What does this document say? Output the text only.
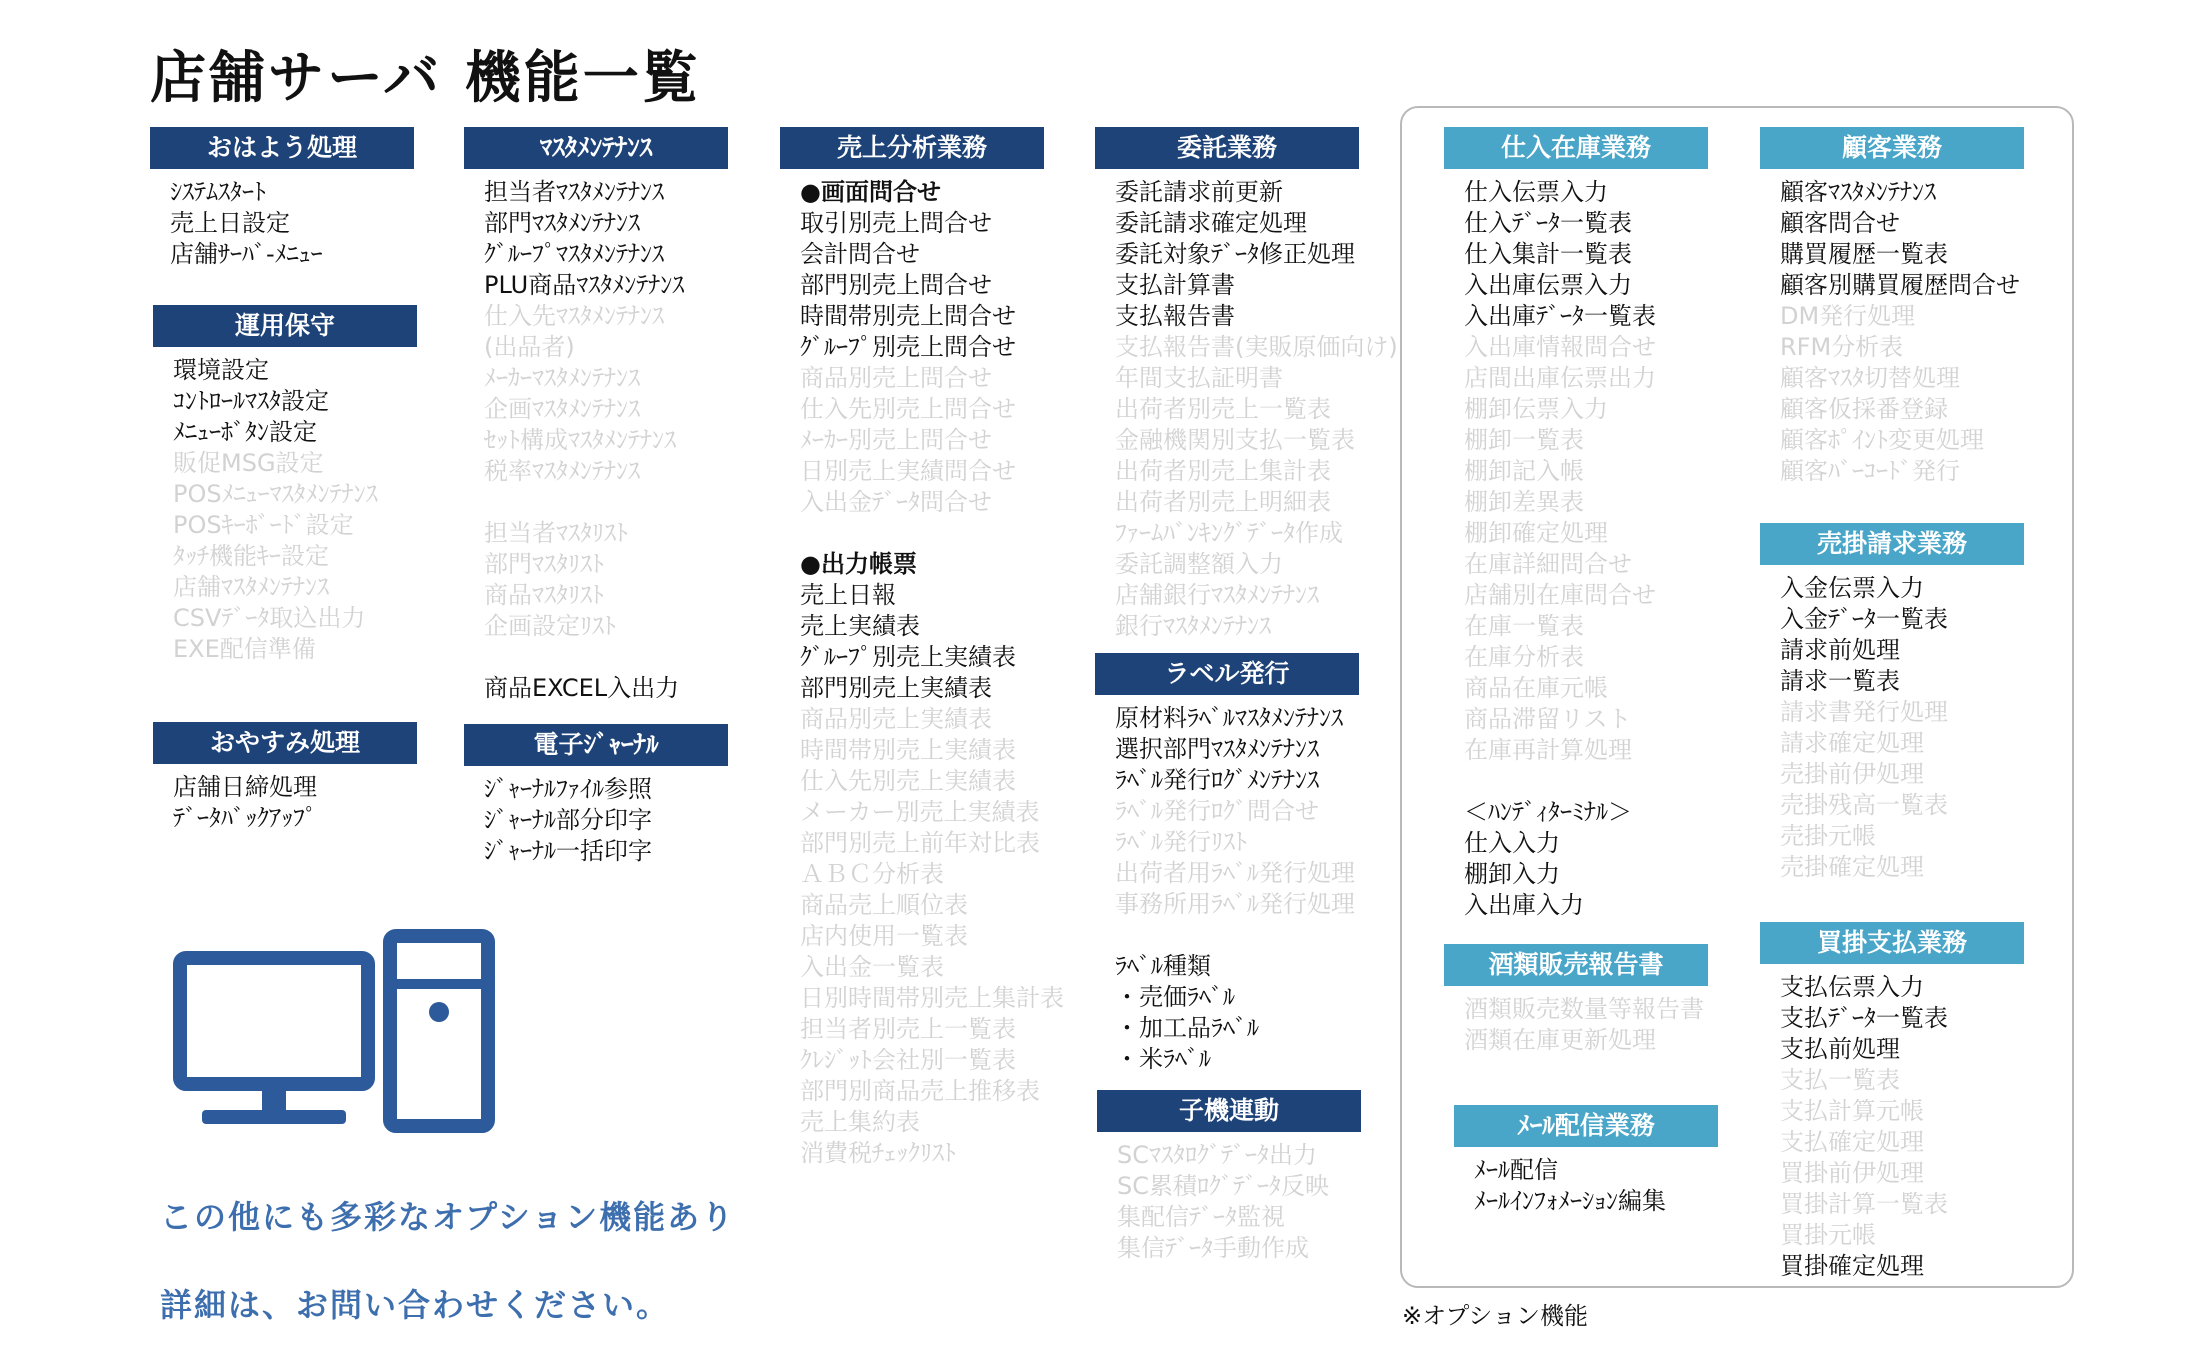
店舗サーバ 機能一覧
おはよう処理
ｼｽﾃﾑｽﾀｰﾄ
売上日設定
店舗ｻｰﾊﾞ-ﾒﾆｭｰ
運用保守
環境設定
ｺﾝﾄﾛｰﾙﾏｽﾀ設定
ﾒﾆｭｰﾎﾞﾀﾝ設定
販促MSG設定
POSﾒﾆｭｰﾏｽﾀﾒﾝﾃﾅﾝｽ
POSｷｰﾎﾞｰﾄﾞ設定
ﾀｯﾁ機能ｷｰ設定
店舗ﾏｽﾀﾒﾝﾃﾅﾝｽ
CSVﾃﾞｰﾀ取込出力
EXE配信準備
おやすみ処理
店舗日締処理
ﾃﾞｰﾀﾊﾞｯｸｱｯﾌﾟ
ﾏｽﾀﾒﾝﾃﾅﾝｽ
担当者ﾏｽﾀﾒﾝﾃﾅﾝｽ
部門ﾏｽﾀﾒﾝﾃﾅﾝｽ
ｸﾞﾙｰﾌﾟﾏｽﾀﾒﾝﾃﾅﾝｽ
PLU商品ﾏｽﾀﾒﾝﾃﾅﾝｽ
仕入先ﾏｽﾀﾒﾝﾃﾅﾝｽ
(出品者)
ﾒｰｶｰﾏｽﾀﾒﾝﾃﾅﾝｽ
企画ﾏｽﾀﾒﾝﾃﾅﾝｽ
ｾｯﾄ構成ﾏｽﾀﾒﾝﾃﾅﾝｽ
税率ﾏｽﾀﾒﾝﾃﾅﾝｽ
担当者ﾏｽﾀﾘｽﾄ
部門ﾏｽﾀﾘｽﾄ
商品ﾏｽﾀﾘｽﾄ
企画設定ﾘｽﾄ
商品EXCEL入出力
電子ｼﾞｬｰﾅﾙ
ｼﾞｬｰﾅﾙﾌｧｲﾙ参照
ｼﾞｬｰﾅﾙ部分印字
ｼﾞｬｰﾅﾙ一括印字
売上分析業務
●画面問合せ
取引別売上問合せ
会計問合せ
部門別売上問合せ
時間帯別売上問合せ
ｸﾞﾙｰﾌﾟ別売上問合せ
商品別売上問合せ
仕入先別売上問合せ
ﾒｰｶｰ別売上問合せ
日別売上実績問合せ
入出金ﾃﾞｰﾀ問合せ
●出力帳票
売上日報
売上実績表
ｸﾞﾙｰﾌﾟ別売上実績表
部門別売上実績表
商品別売上実績表
時間帯別売上実績表
仕入先別売上実績表
メーカー別売上実績表
部門別売上前年対比表
ＡＢＣ分析表
商品売上順位表
店内使用一覧表
入出金一覧表
日別時間帯別売上集計表
担当者別売上一覧表
ｸﾚｼﾞｯﾄ会社別一覧表
部門別商品売上推移表
売上集約表
消費税ﾁｪｯｸﾘｽﾄ
委託業務
委託請求前更新
委託請求確定処理
委託対象ﾃﾞｰﾀ修正処理
支払計算書
支払報告書
支払報告書(実販原価向け)
年間支払証明書
出荷者別売上一覧表
金融機関別支払一覧表
出荷者別売上集計表
出荷者別売上明細表
ﾌｧｰﾑﾊﾞﾝｷﾝｸﾞﾃﾞｰﾀ作成
委託調整額入力
店舗銀行ﾏｽﾀﾒﾝﾃﾅﾝｽ
銀行ﾏｽﾀﾒﾝﾃﾅﾝｽ
ラベル発行
原材料ﾗﾍﾞﾙﾏｽﾀﾒﾝﾃﾅﾝｽ
選択部門ﾏｽﾀﾒﾝﾃﾅﾝｽ
ﾗﾍﾞﾙ発行ﾛｸﾞﾒﾝﾃﾅﾝｽ
ﾗﾍﾞﾙ発行ﾛｸﾞ問合せ
ﾗﾍﾞﾙ発行ﾘｽﾄ
出荷者用ﾗﾍﾞﾙ発行処理
事務所用ﾗﾍﾞﾙ発行処理
ﾗﾍﾞﾙ種類
・売価ﾗﾍﾞﾙ
・加工品ﾗﾍﾞﾙ
・米ﾗﾍﾞﾙ
子機連動
SCﾏｽﾀﾛｸﾞﾃﾞｰﾀ出力
SC累積ﾛｸﾞﾃﾞｰﾀ反映
集配信ﾃﾞｰﾀ監視
集信ﾃﾞｰﾀ手動作成
仕入在庫業務
仕入伝票入力
仕入ﾃﾞｰﾀ一覧表
仕入集計一覧表
入出庫伝票入力
入出庫ﾃﾞｰﾀ一覧表
入出庫情報問合せ
店間出庫伝票出力
棚卸伝票入力
棚卸一覧表
棚卸記入帳
棚卸差異表
棚卸確定処理
在庫詳細問合せ
店舗別在庫問合せ
在庫一覧表
在庫分析表
商品在庫元帳
商品滞留リスト
在庫再計算処理
＜ﾊﾝﾃﾞｨﾀｰﾐﾅﾙ＞
仕入入力
棚卸入力
入出庫入力
酒類販売報告書
酒類販売数量等報告書
酒類在庫更新処理
ﾒｰﾙ配信業務
ﾒｰﾙ配信
ﾒｰﾙｲﾝﾌｫﾒｰｼｮﾝ編集
顧客業務
顧客ﾏｽﾀﾒﾝﾃﾅﾝｽ
顧客問合せ
購買履歴一覧表
顧客別購買履歴問合せ
DM発行処理
RFM分析表
顧客ﾏｽﾀ切替処理
顧客仮採番登録
顧客ﾎﾟｲﾝﾄ変更処理
顧客ﾊﾞｰｺｰﾄﾞ発行
売掛請求業務
入金伝票入力
入金ﾃﾞｰﾀ一覧表
請求前処理
請求一覧表
請求書発行処理
請求確定処理
売掛前伊処理
売掛残高一覧表
売掛元帳
売掛確定処理
買掛支払業務
支払伝票入力
支払ﾃﾞｰﾀ一覧表
支払前処理
支払一覧表
支払計算元帳
支払確定処理
買掛前伊処理
買掛計算一覧表
買掛元帳
買掛確定処理
この他にも多彩なオプション機能あり
詳細は、お問い合わせください。	※オプション機能
